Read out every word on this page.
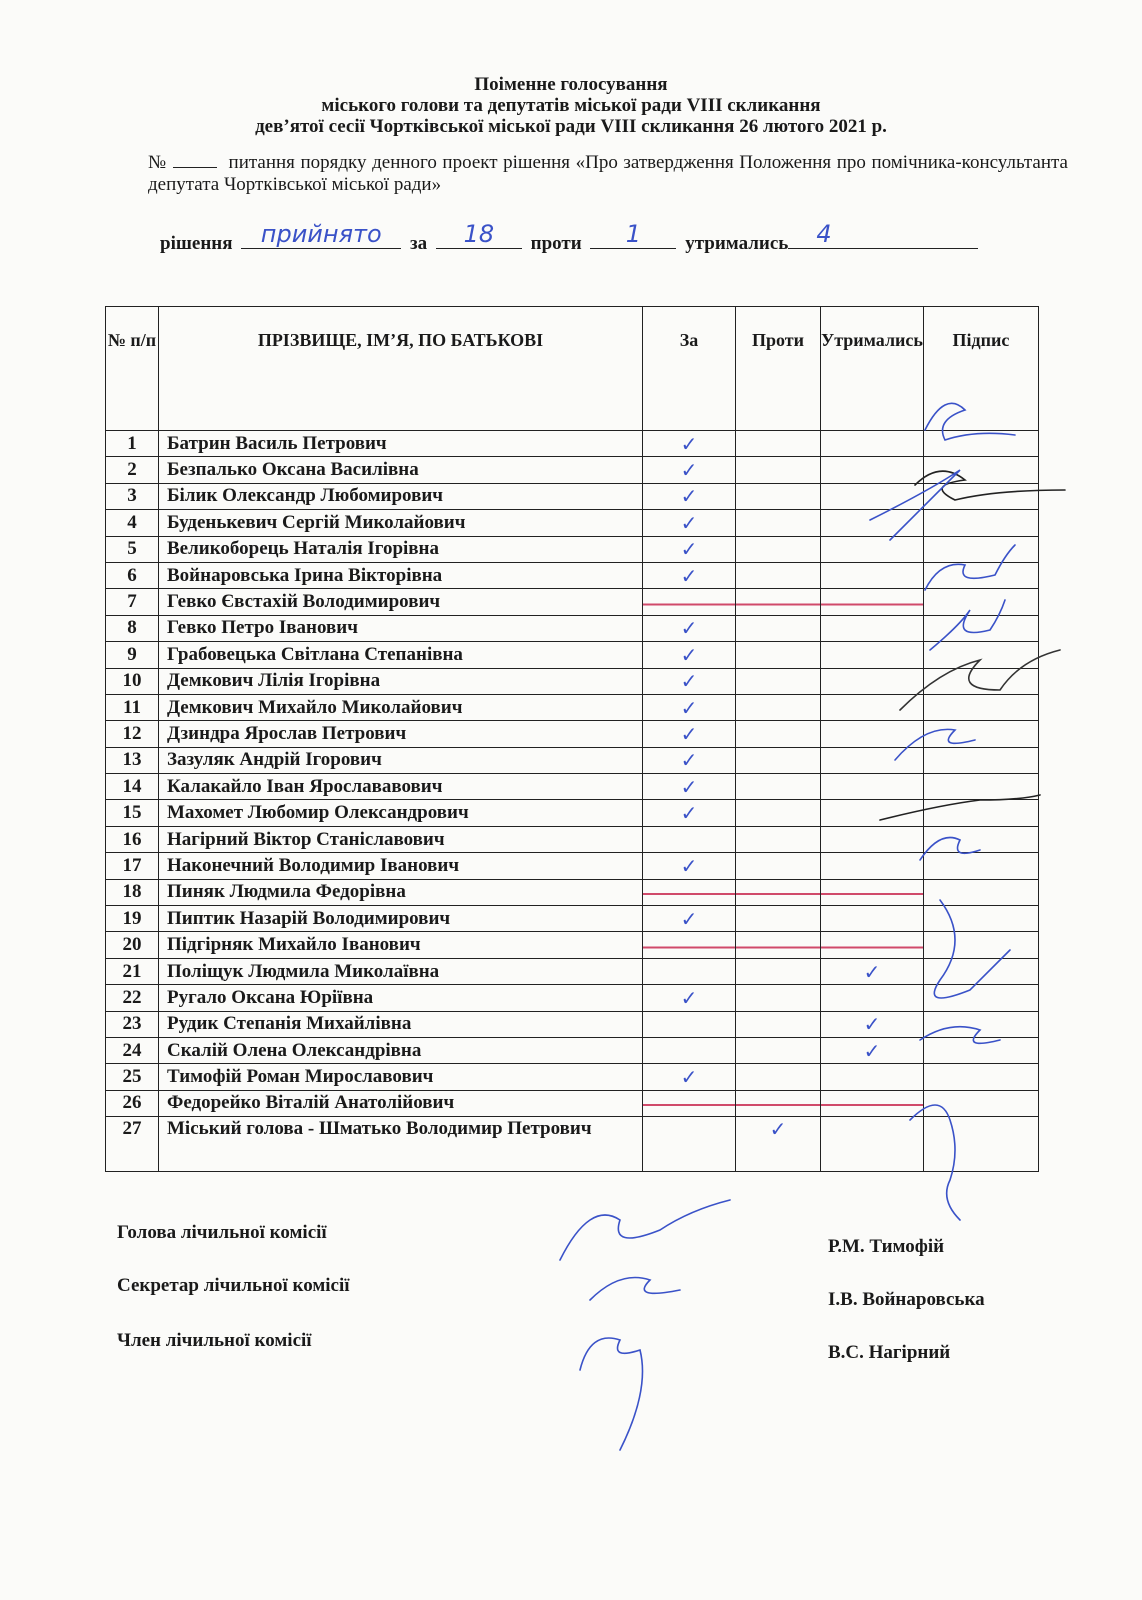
Поіменне голосування
міського голови та депутатів міської ради VIII скликання
дев’ятої сесії Чортківської міської ради VIII скликання 26 лютого 2021 р.
№	питання порядку денного проект рішення «Про затвердження Положення про помічника-консультанта депутата Чортківської міської ради»
рішення	прийнято	за	18	проти	1	утримались	4
№ п/п	ПРІЗВИЩЕ, ІМ’Я, ПО БАТЬКОВІ	За	Проти	Утримались	Підпис
1	Батрин Василь Петрович	✓			
2	Безпалько Оксана Василівна	✓			
3	Білик Олександр Любомирович	✓			
4	Буденькевич Сергій Миколайович	✓			
5	Великоборець Наталія Ігорівна	✓			
6	Войнаровська Ірина Вікторівна	✓			
7	Гевко Євстахій Володимирович				
8	Гевко Петро Іванович	✓			
9	Грабовецька Світлана Степанівна	✓			
10	Демкович Лілія Ігорівна	✓			
11	Демкович Михайло Миколайович	✓			
12	Дзиндра Ярослав Петрович	✓			
13	Зазуляк Андрій Ігорович	✓			
14	Калакайло Іван Ярослававович	✓			
15	Махомет Любомир Олександрович	✓			
16	Нагірний Віктор Станіславович				
17	Наконечний Володимир Іванович	✓			
18	Пиняк Людмила Федорівна				
19	Пиптик Назарій Володимирович	✓			
20	Підгірняк Михайло Іванович				
21	Поліщук Людмила Миколаївна			✓	
22	Ругало Оксана Юріївна	✓			
23	Рудик Степанія Михайлівна			✓	
24	Скалій Олена Олександрівна			✓	
25	Тимофій Роман Мирославович	✓			
26	Федорейко Віталій Анатолійович				
27	Міський голова - Шматько Володимир Петрович		✓		
Голова лічильної комісії
Секретар лічильної комісії
Член лічильної комісії
Р.М. Тимофій
І.В. Войнаровська
В.С. Нагірний
